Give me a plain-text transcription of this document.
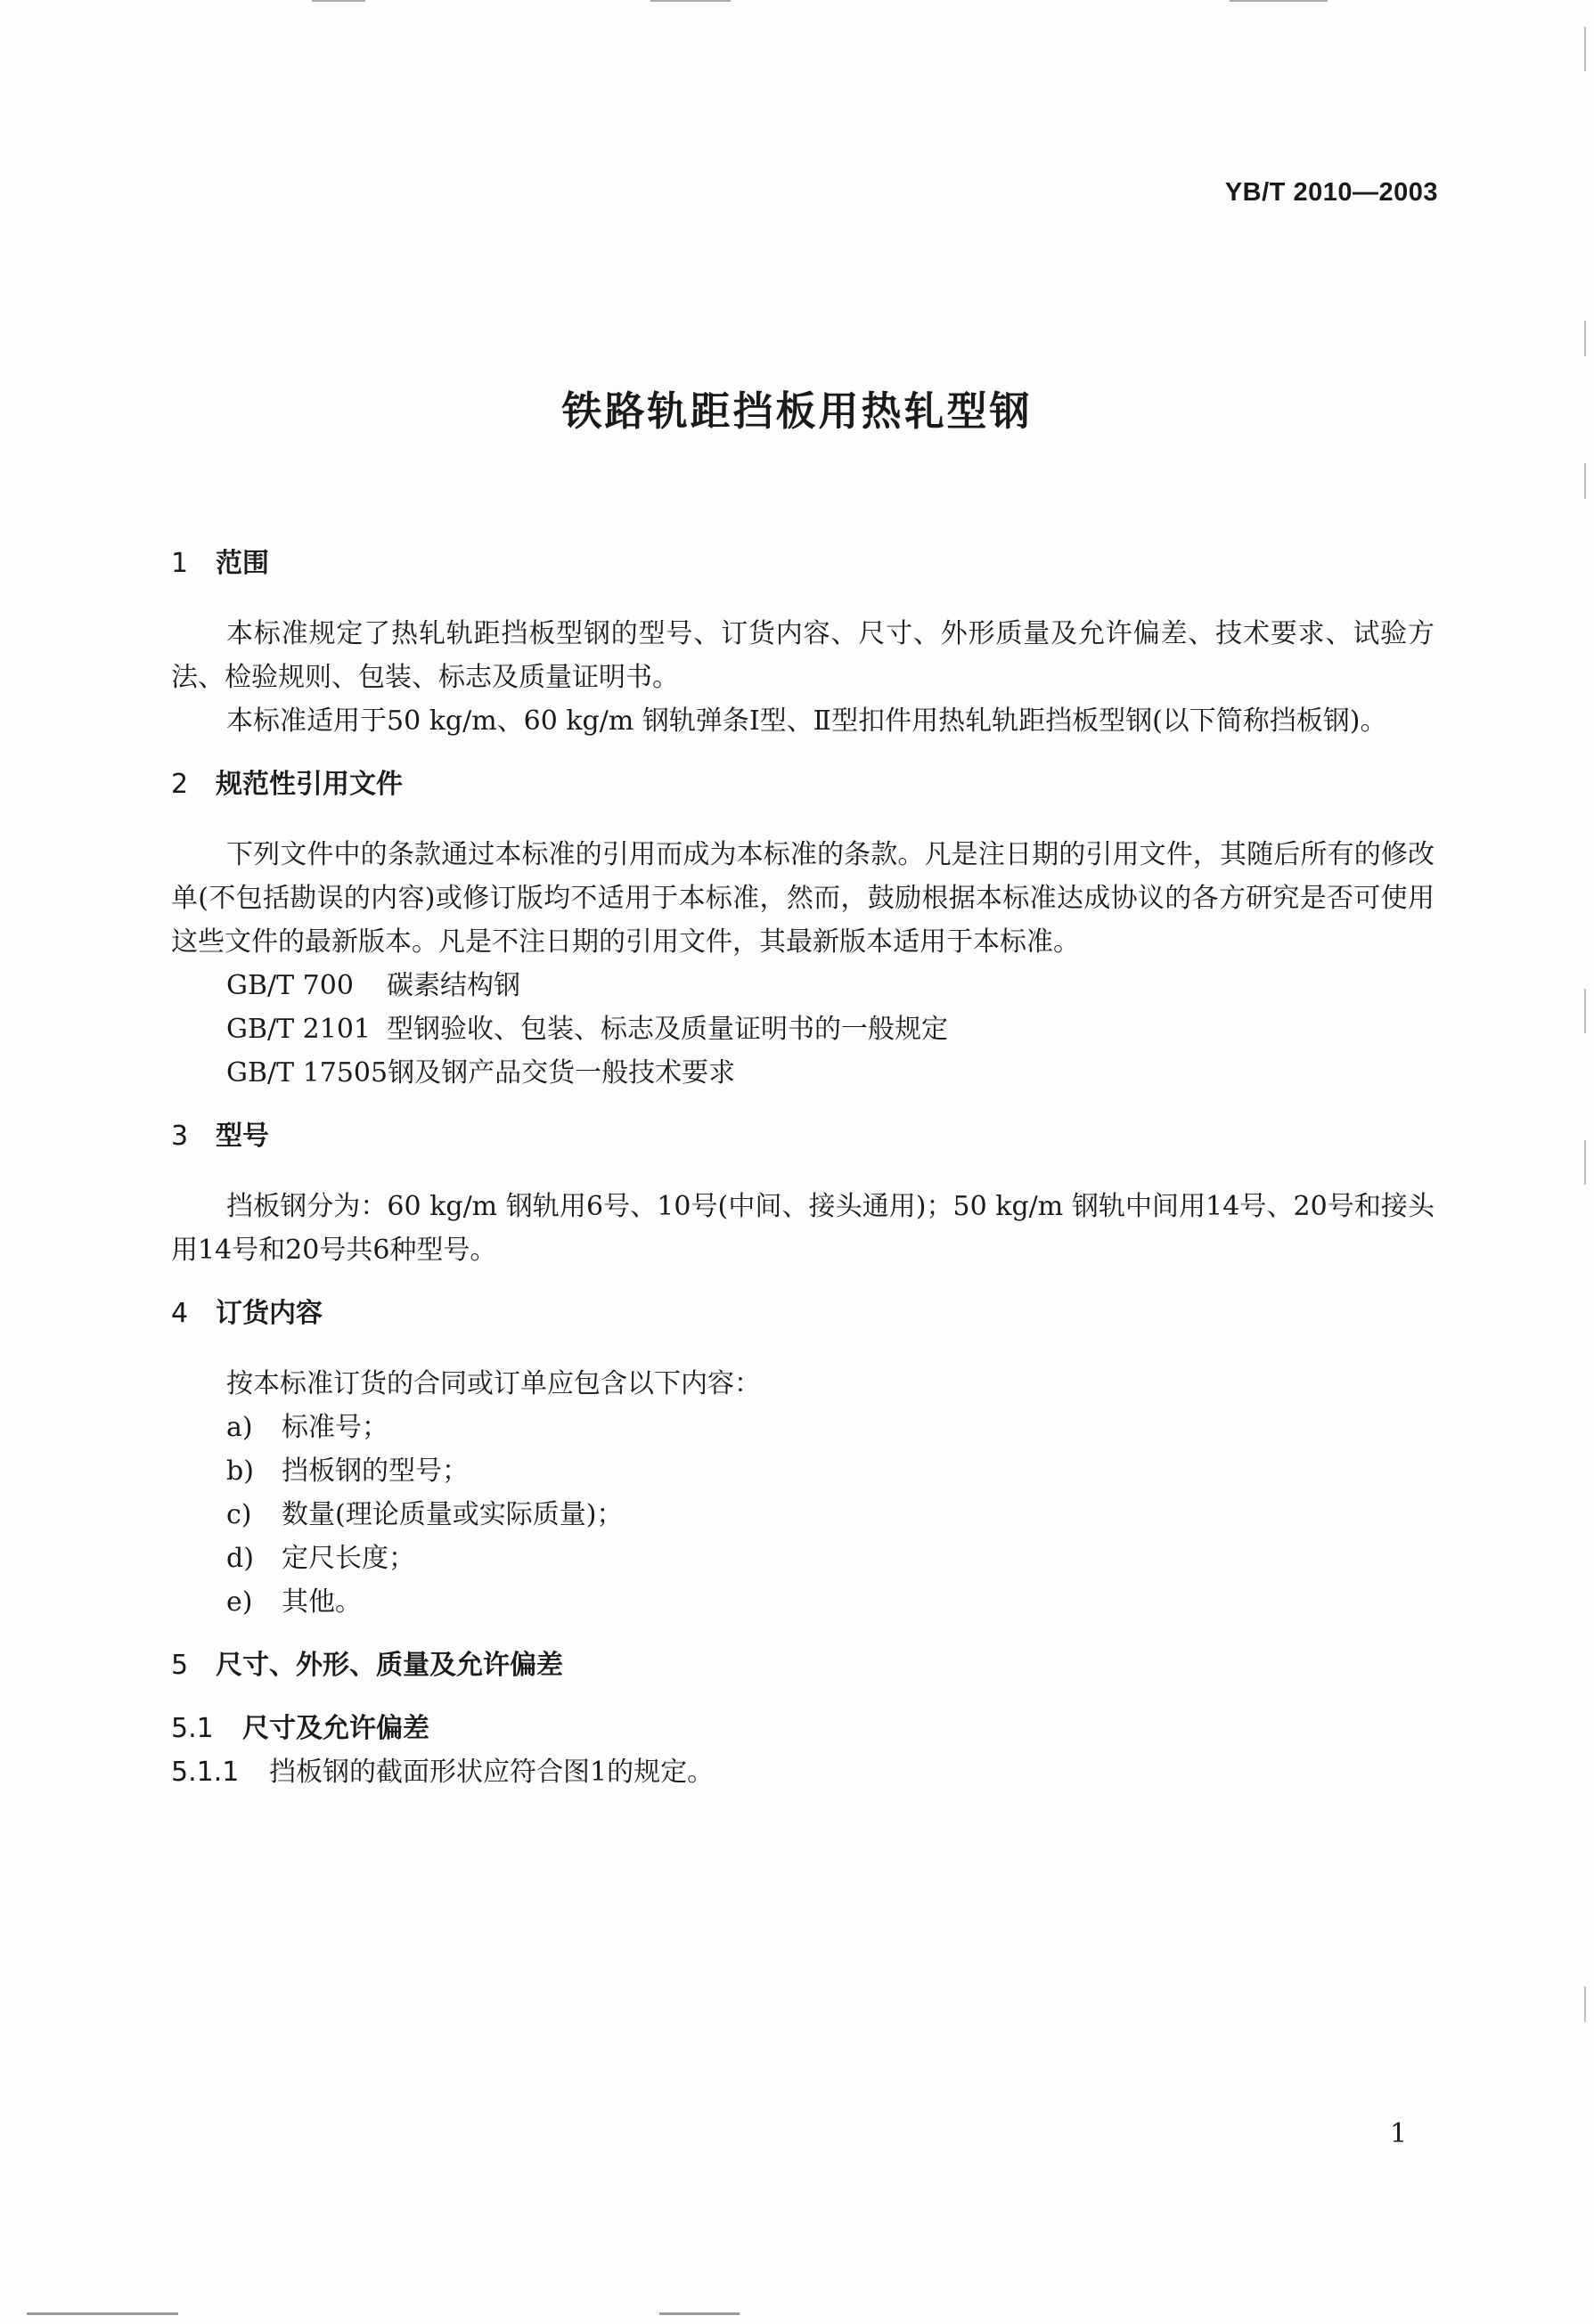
YB/T 2010—2003
铁路轨距挡板用热轧型钢

1 范围

本标准规定了热轧轨距挡板型钢的型号、订货内容、尺寸、外形质量及允许偏差、技术要求、试验方法、检验规则、包装、标志及质量证明书。

本标准适用于50 kg/m、60 kg/m 钢轨弹条Ⅰ型、Ⅱ型扣件用热轧轨距挡板型钢(以下简称挡板钢)。

2 规范性引用文件

下列文件中的条款通过本标准的引用而成为本标准的条款。凡是注日期的引用文件，其随后所有的修改单(不包括勘误的内容)或修订版均不适用于本标准，然而，鼓励根据本标准达成协议的各方研究是否可使用这些文件的最新版本。凡是不注日期的引用文件，其最新版本适用于本标准。

GB/T 700 碳素结构钢

GB/T 2101 型钢验收、包装、标志及质量证明书的一般规定

GB/T 17505钢及钢产品交货一般技术要求

3 型号

挡板钢分为：60 kg/m 钢轨用6号、10号(中间、接头通用)；50 kg/m 钢轨中间用14号、20号和接头用14号和20号共6种型号。

4 订货内容

按本标准订货的合同或订单应包含以下内容：

a) 标准号；

b) 挡板钢的型号；

c) 数量(理论质量或实际质量)；

d) 定尺长度；

e) 其他。

5 尺寸、外形、质量及允许偏差

5.1 尺寸及允许偏差

5.1.1 挡板钢的截面形状应符合图1的规定。

1
